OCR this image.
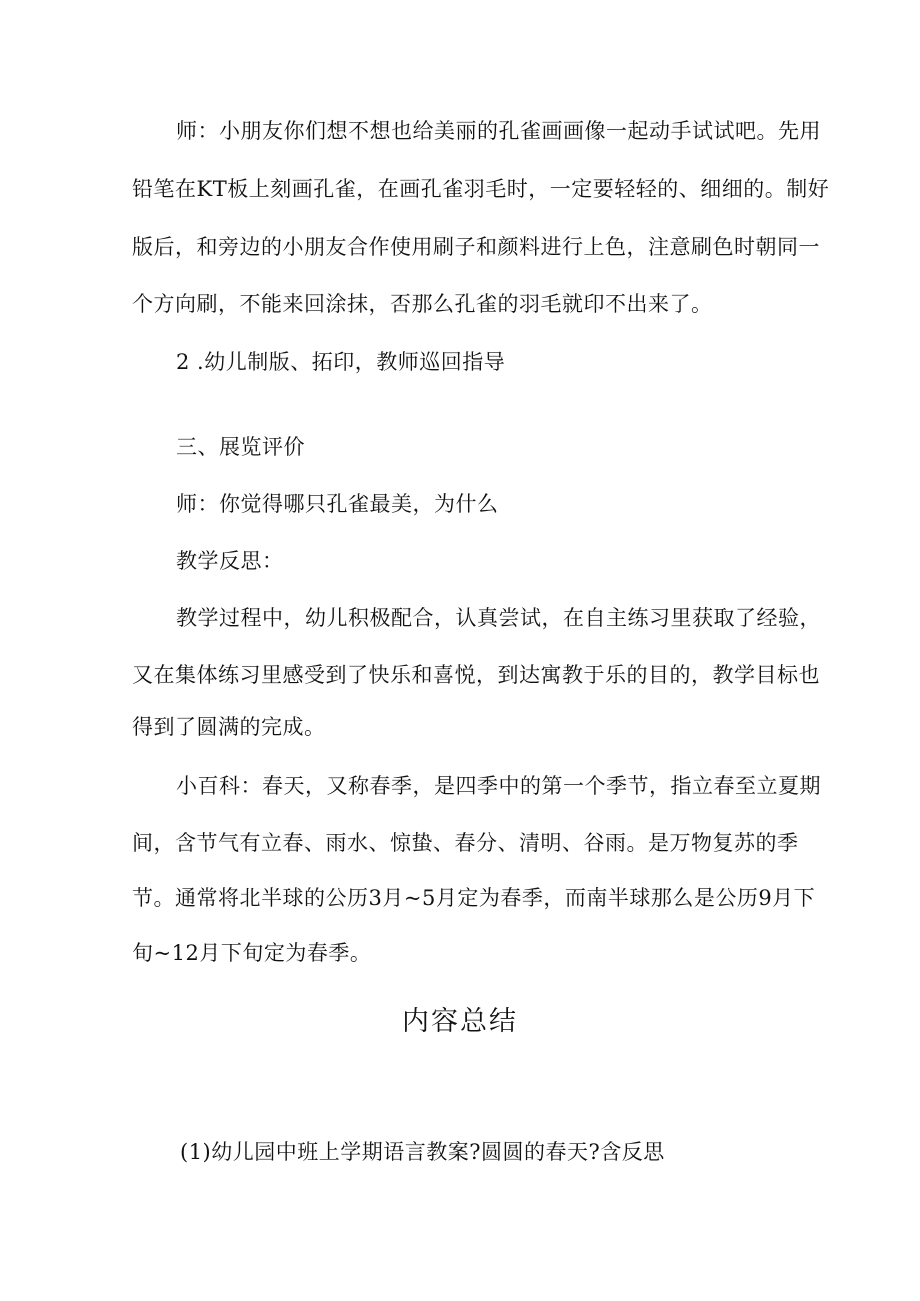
师：小朋友你们想不想也给美丽的孔雀画画像一起动手试试吧。先用
铅笔在KT板上刻画孔雀，在画孔雀羽毛时，一定要轻轻的、细细的。制好
版后，和旁边的小朋友合作使用刷子和颜料进行上色，注意刷色时朝同一
个方向刷，不能来回涂抹，否那么孔雀的羽毛就印不出来了。
2 .幼儿制版、拓印，教师巡回指导
三、展览评价
师：你觉得哪只孔雀最美，为什么
教学反思：
教学过程中，幼儿积极配合，认真尝试，在自主练习里获取了经验，
又在集体练习里感受到了快乐和喜悦，到达寓教于乐的目的，教学目标也
得到了圆满的完成。
小百科：春天，又称春季，是四季中的第一个季节，指立春至立夏期
间，含节气有立春、雨水、惊蛰、春分、清明、谷雨。是万物复苏的季
节。通常将北半球的公历3月~5月定为春季，而南半球那么是公历9月下
旬~12月下旬定为春季。
内容总结
(1)幼儿园中班上学期语言教案?圆圆的春天?含反思
